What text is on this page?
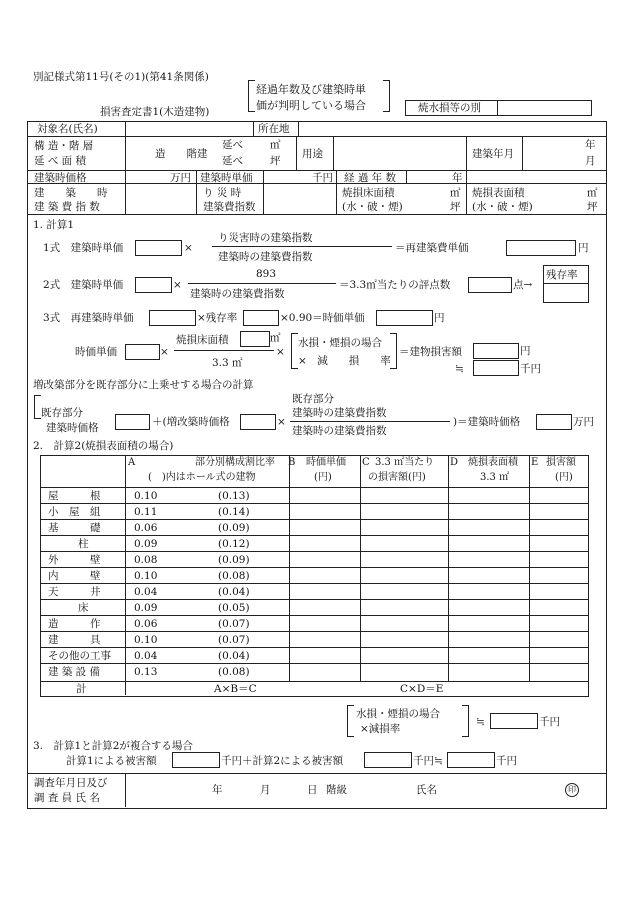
別記様式第11号(その1)(第41条関係)
経過年数及び建築時単
価が判明している場合
損害査定書1(木造建物)	焼水損等の別
対象名(氏名)	所在地
構 造・階 層
延 べ 面 積
造　　階建
延べ	㎡
延べ	坪
用途	建築年月
年
月
建築時価格	万円 建築時単価	千円 経 過 年 数	年
建　　築　　時
建 築 費 指 数
り 災 時
建築費指数
焼損床面積
(水・破・煙)
㎡
坪
焼損表面積
(水・破・煙)
㎡
坪
1. 計算1
1式　建築時単価	×
り災害時の建築指数
建築時の建築費指数
＝再建築費単価	円
2式　建築時単価	×
893
建築時の建築費指数
＝3.3㎡当たりの評点数	点→
残存率
3式　再建築時単価	×残存率	×0.90＝時価単価	円
時価単価	×
焼損床面積	㎡
3.3 ㎡
×
水損・煙損の場合
×　減　　損　　率
＝建物損害額	円
≒	千円
増改築部分を既存部分に上乗せする場合の計算
既存部分
建築時価格	＋(増改築時価格	×
既存部分
建築時の建築費指数
建築時の建築費指数
)＝建築時価格	万円
2.　計算2(焼損表面積の場合)
A	部分別構成割比率
(　)内はホール式の建物
B 時価単価
(円)
C 3.3 ㎡当たり
の損害額(円)
D 焼損表面積
3.3 ㎡
E 損害額
(円)
屋　　　根	0.10	(0.13)
小　屋　組	0.11	(0.14)
基　　　礎	0.06	(0.09)
柱	0.09	(0.12)
外　　　壁	0.08	(0.09)
内　　　壁	0.10	(0.08)
天　　　井	0.04	(0.04)
床	0.09	(0.05)
造　　　作	0.06	(0.07)
建　　　具	0.10	(0.07)
その他の工事 0.04	(0.04)
建 築 設 備	0.13	(0.08)
計	A×B＝C	C×D＝E
水損・煙損の場合
×減損率
≒	千円
3.　計算1と計算2が複合する場合
計算1による被害額	千円＋計算2による被害額	千円≒	千円
調査年月日及び
調 査 員 氏 名
年	月	日 階級	氏名	印
